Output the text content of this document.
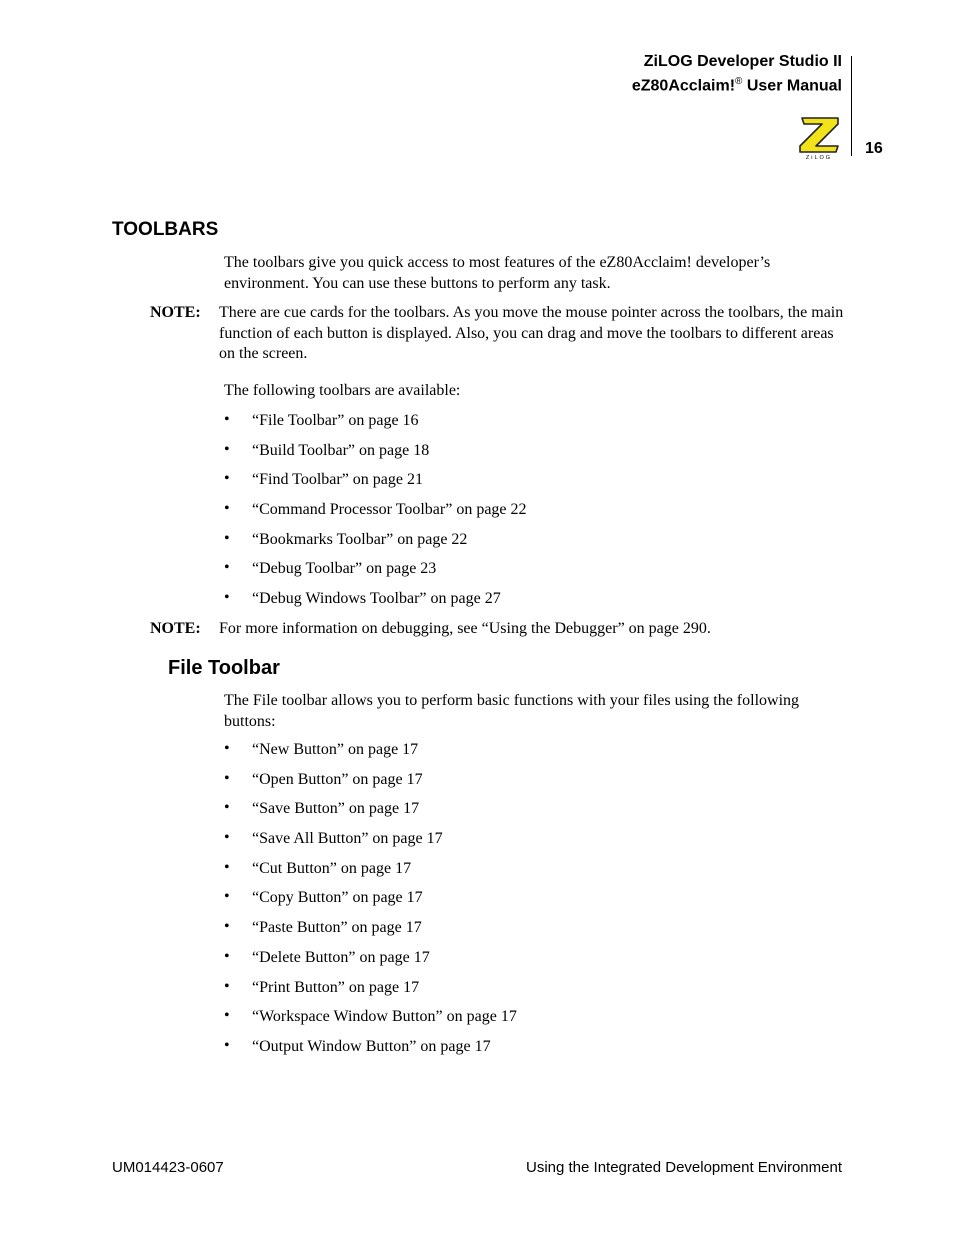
ZiLOG Developer Studio II
eZ80Acclaim!® User Manual
ZiLOG
16
TOOLBARS
The toolbars give you quick access to most features of the eZ80Acclaim! developer’s environment. You can use these buttons to perform any task.
NOTE: There are cue cards for the toolbars. As you move the mouse pointer across the toolbars, the main function of each button is displayed. Also, you can drag and move the toolbars to different areas on the screen.
The following toolbars are available:
• “File Toolbar” on page 16
• “Build Toolbar” on page 18
• “Find Toolbar” on page 21
• “Command Processor Toolbar” on page 22
• “Bookmarks Toolbar” on page 22
• “Debug Toolbar” on page 23
• “Debug Windows Toolbar” on page 27
NOTE: For more information on debugging, see “Using the Debugger” on page 290.
File Toolbar
The File toolbar allows you to perform basic functions with your files using the following buttons:
• “New Button” on page 17
• “Open Button” on page 17
• “Save Button” on page 17
• “Save All Button” on page 17
• “Cut Button” on page 17
• “Copy Button” on page 17
• “Paste Button” on page 17
• “Delete Button” on page 17
• “Print Button” on page 17
• “Workspace Window Button” on page 17
• “Output Window Button” on page 17
UM014423-0607	Using the Integrated Development Environment
